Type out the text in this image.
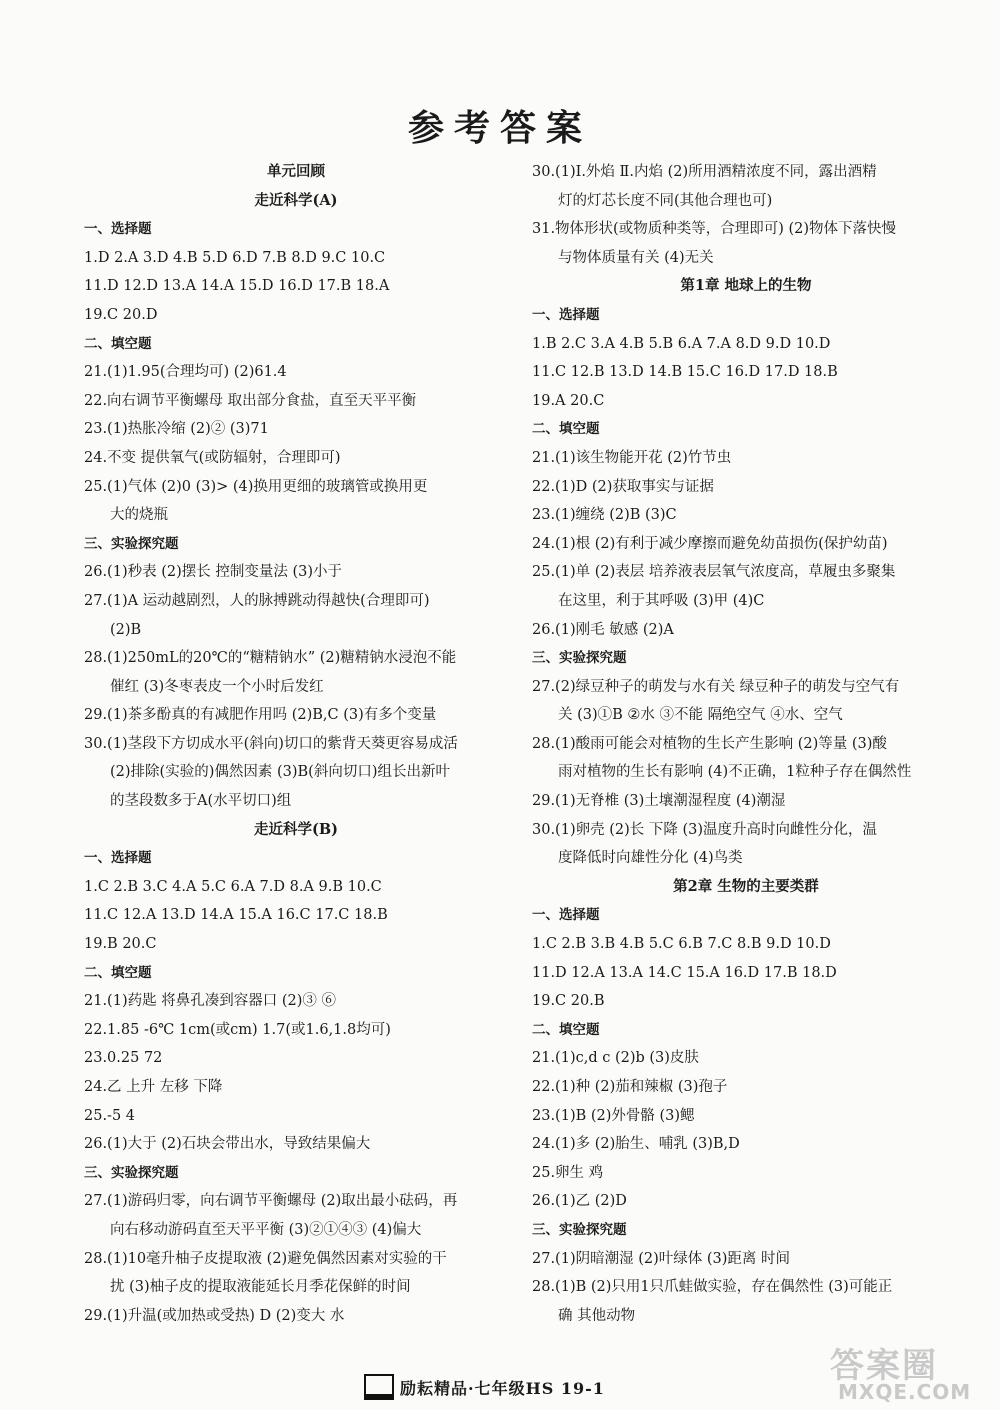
参考答案
单元回顾
走近科学(A)
一、选择题
1.D 2.A 3.D 4.B 5.D 6.D 7.B 8.D 9.C 10.C
11.D 12.D 13.A 14.A 15.D 16.D 17.B 18.A
19.C 20.D
二、填空题
21.(1)1.95(合理均可) (2)61.4
22.向右调节平衡螺母 取出部分食盐，直至天平平衡
23.(1)热胀冷缩 (2)② (3)71
24.不变 提供氧气(或防辐射，合理即可)
25.(1)气体 (2)0 (3)> (4)换用更细的玻璃管或换用更
大的烧瓶
三、实验探究题
26.(1)秒表 (2)摆长 控制变量法 (3)小于
27.(1)A 运动越剧烈，人的脉搏跳动得越快(合理即可)
(2)B
28.(1)250mL的20℃的“糖精钠水” (2)糖精钠水浸泡不能
催红 (3)冬枣表皮一个小时后发红
29.(1)茶多酚真的有减肥作用吗 (2)B,C (3)有多个变量
30.(1)茎段下方切成水平(斜向)切口的紫背天葵更容易成活
(2)排除(实验的)偶然因素 (3)B(斜向切口)组长出新叶
的茎段数多于A(水平切口)组
走近科学(B)
一、选择题
1.C 2.B 3.C 4.A 5.C 6.A 7.D 8.A 9.B 10.C
11.C 12.A 13.D 14.A 15.A 16.C 17.C 18.B
19.B 20.C
二、填空题
21.(1)药匙 将鼻孔凑到容器口 (2)③ ⑥
22.1.85 -6℃ 1cm(或cm) 1.7(或1.6,1.8均可)
23.0.25 72
24.乙 上升 左移 下降
25.-5 4
26.(1)大于 (2)石块会带出水，导致结果偏大
三、实验探究题
27.(1)游码归零，向右调节平衡螺母 (2)取出最小砝码，再
向右移动游码直至天平平衡 (3)②①④③ (4)偏大
28.(1)10毫升柚子皮提取液 (2)避免偶然因素对实验的干
扰 (3)柚子皮的提取液能延长月季花保鲜的时间
29.(1)升温(或加热或受热) D (2)变大 水
30.(1)Ⅰ.外焰 Ⅱ.内焰 (2)所用酒精浓度不同，露出酒精
灯的灯芯长度不同(其他合理也可)
31.物体形状(或物质种类等，合理即可) (2)物体下落快慢
与物体质量有关 (4)无关
第1章 地球上的生物
一、选择题
1.B 2.C 3.A 4.B 5.B 6.A 7.A 8.D 9.D 10.D
11.C 12.B 13.D 14.B 15.C 16.D 17.D 18.B
19.A 20.C
二、填空题
21.(1)该生物能开花 (2)竹节虫
22.(1)D (2)获取事实与证据
23.(1)缠绕 (2)B (3)C
24.(1)根 (2)有利于减少摩擦而避免幼苗损伤(保护幼苗)
25.(1)单 (2)表层 培养液表层氧气浓度高，草履虫多聚集
在这里，利于其呼吸 (3)甲 (4)C
26.(1)刚毛 敏感 (2)A
三、实验探究题
27.(2)绿豆种子的萌发与水有关 绿豆种子的萌发与空气有
关 (3)①B ②水 ③不能 隔绝空气 ④水、空气
28.(1)酸雨可能会对植物的生长产生影响 (2)等量 (3)酸
雨对植物的生长有影响 (4)不正确，1粒种子存在偶然性
29.(1)无脊椎 (3)土壤潮湿程度 (4)潮湿
30.(1)卵壳 (2)长 下降 (3)温度升高时向雌性分化，温
度降低时向雄性分化 (4)鸟类
第2章 生物的主要类群
一、选择题
1.C 2.B 3.B 4.B 5.C 6.B 7.C 8.B 9.D 10.D
11.D 12.A 13.A 14.C 15.A 16.D 17.B 18.D
19.C 20.B
二、填空题
21.(1)c,d c (2)b (3)皮肤
22.(1)种 (2)茄和辣椒 (3)孢子
23.(1)B (2)外骨骼 (3)鳃
24.(1)多 (2)胎生、哺乳 (3)B,D
25.卵生 鸡
26.(1)乙 (2)D
三、实验探究题
27.(1)阴暗潮湿 (2)叶绿体 (3)距离 时间
28.(1)B (2)只用1只爪蛙做实验，存在偶然性 (3)可能正
确 其他动物
励耘精品·七年级HS 19-1
答案圈
MXQE.COM
